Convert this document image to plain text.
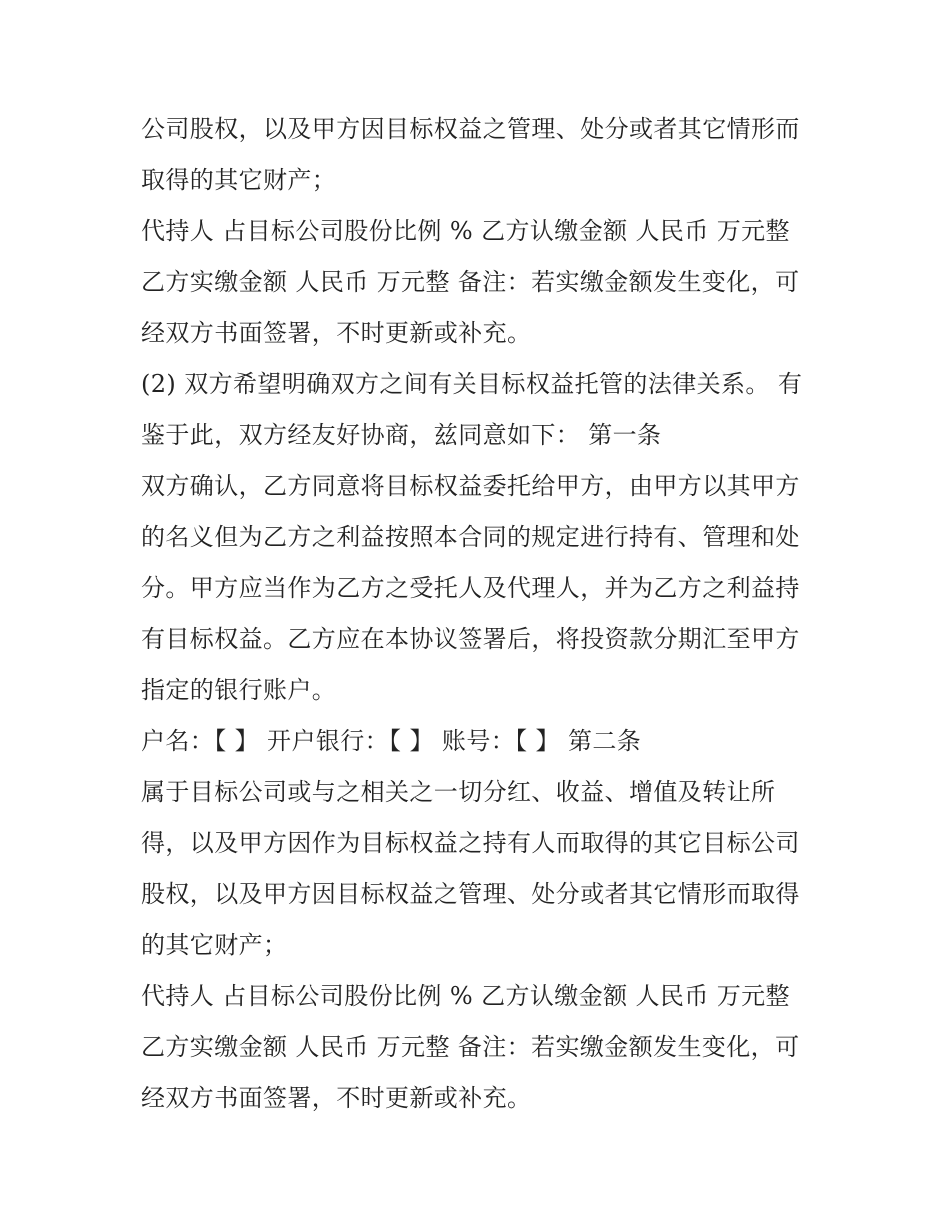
公司股权，以及甲方因目标权益之管理、处分或者其它情形而
取得的其它财产；
代持人 占目标公司股份比例 % 乙方认缴金额 人民币 万元整
乙方实缴金额 人民币 万元整 备注：若实缴金额发生变化，可
经双方书面签署，不时更新或补充。
(2) 双方希望明确双方之间有关目标权益托管的法律关系。 有
鉴于此，双方经友好协商，兹同意如下： 第一条
双方确认，乙方同意将目标权益委托给甲方，由甲方以其甲方
的名义但为乙方之利益按照本合同的规定进行持有、管理和处
分。甲方应当作为乙方之受托人及代理人，并为乙方之利益持
有目标权益。乙方应在本协议签署后，将投资款分期汇至甲方
指定的银行账户。
户名：【 】 开户银行：【 】 账号：【 】 第二条
属于目标公司或与之相关之一切分红、收益、增值及转让所
得，以及甲方因作为目标权益之持有人而取得的其它目标公司
股权，以及甲方因目标权益之管理、处分或者其它情形而取得
的其它财产；
代持人 占目标公司股份比例 % 乙方认缴金额 人民币 万元整
乙方实缴金额 人民币 万元整 备注：若实缴金额发生变化，可
经双方书面签署，不时更新或补充。
